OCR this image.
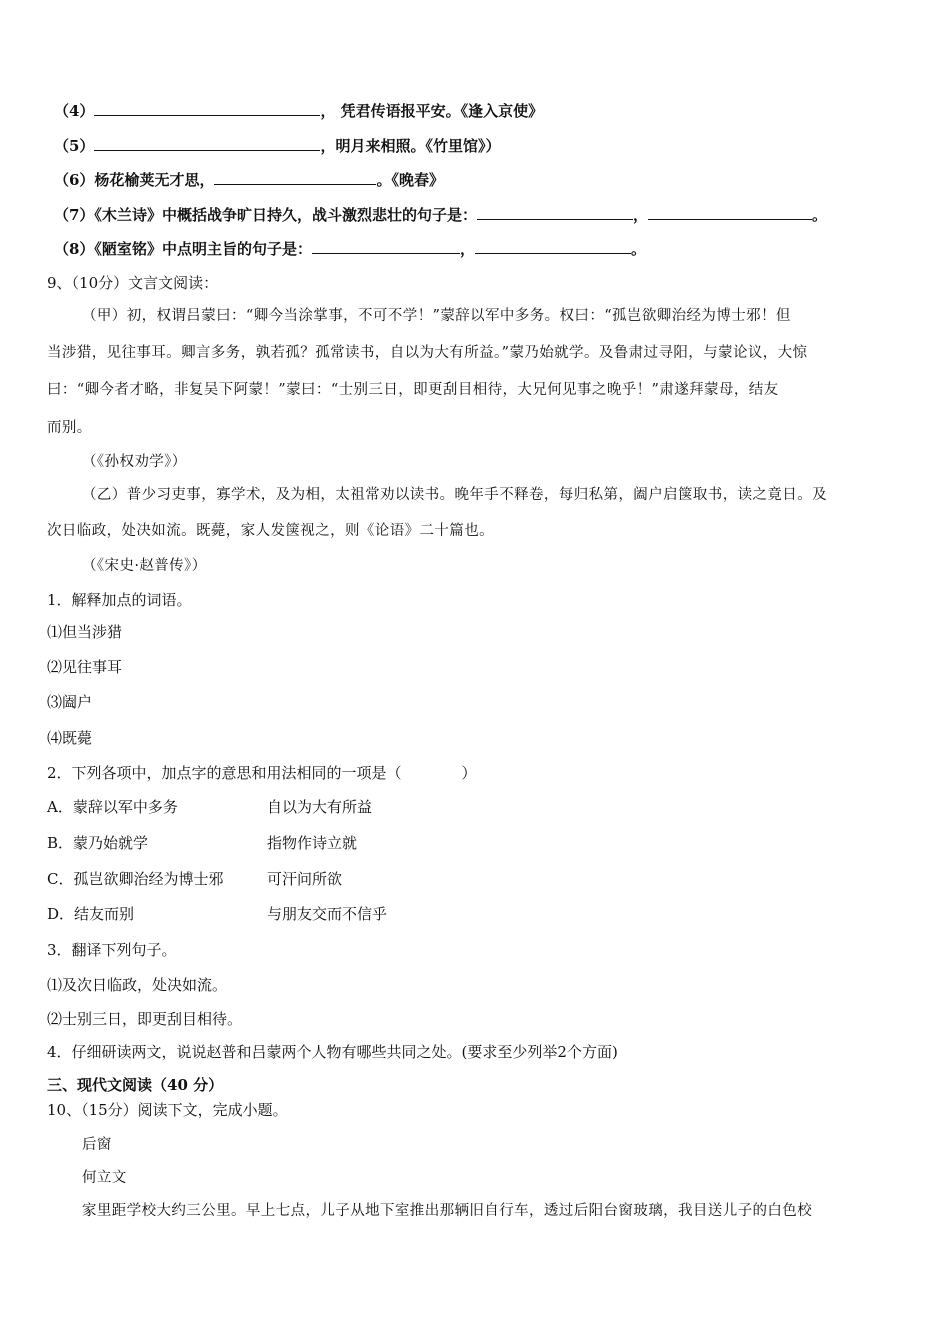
（4）	， 凭君传语报平安。《逢入京使》
（5）	，明月来相照。《竹里馆》）
（6）杨花榆荚无才思，	。《晚春》
（7）《木兰诗》中概括战争旷日持久，战斗激烈悲壮的句子是：	，	。
（8）《陋室铭》中点明主旨的句子是：	，	。
9、（10分）文言文阅读：
（甲）初，权谓吕蒙曰：“卿今当涂掌事，不可不学！”蒙辞以军中多务。权曰：“孤岂欲卿治经为博士邪！但
当涉猎，见往事耳。卿言多务，孰若孤？孤常读书，自以为大有所益。”蒙乃始就学。及鲁肃过寻阳，与蒙论议，大惊
曰：“卿今者才略，非复吴下阿蒙！”蒙曰：“士别三日，即更刮目相待，大兄何见事之晚乎！”肃遂拜蒙母，结友
而别。
（《孙权劝学》）
（乙）普少习吏事，寡学术，及为相，太祖常劝以读书。晚年手不释卷，每归私第，阖户启箧取书，读之竟日。及
次日临政，处决如流。既薨，家人发箧视之，则《论语》二十篇也。
（《宋史·赵普传》）
1．解释加点的词语。
⑴但当涉猎
⑵见往事耳
⑶阖户
⑷既薨
2．下列各项中，加点字的意思和用法相同的一项是（　　　　）
A．蒙辞以军中多务	自以为大有所益
B．蒙乃始就学	指物作诗立就
C．孤岂欲卿治经为博士邪	可汗问所欲
D．结友而别	与朋友交而不信乎
3．翻译下列句子。
⑴及次日临政，处决如流。
⑵士别三日，即更刮目相待。
4．仔细研读两文，说说赵普和吕蒙两个人物有哪些共同之处。(要求至少列举2个方面)
三、现代文阅读（40 分）
10、（15分）阅读下文，完成小题。
后窗
何立文
家里距学校大约三公里。早上七点，儿子从地下室推出那辆旧自行车，透过后阳台窗玻璃，我目送儿子的白色校
